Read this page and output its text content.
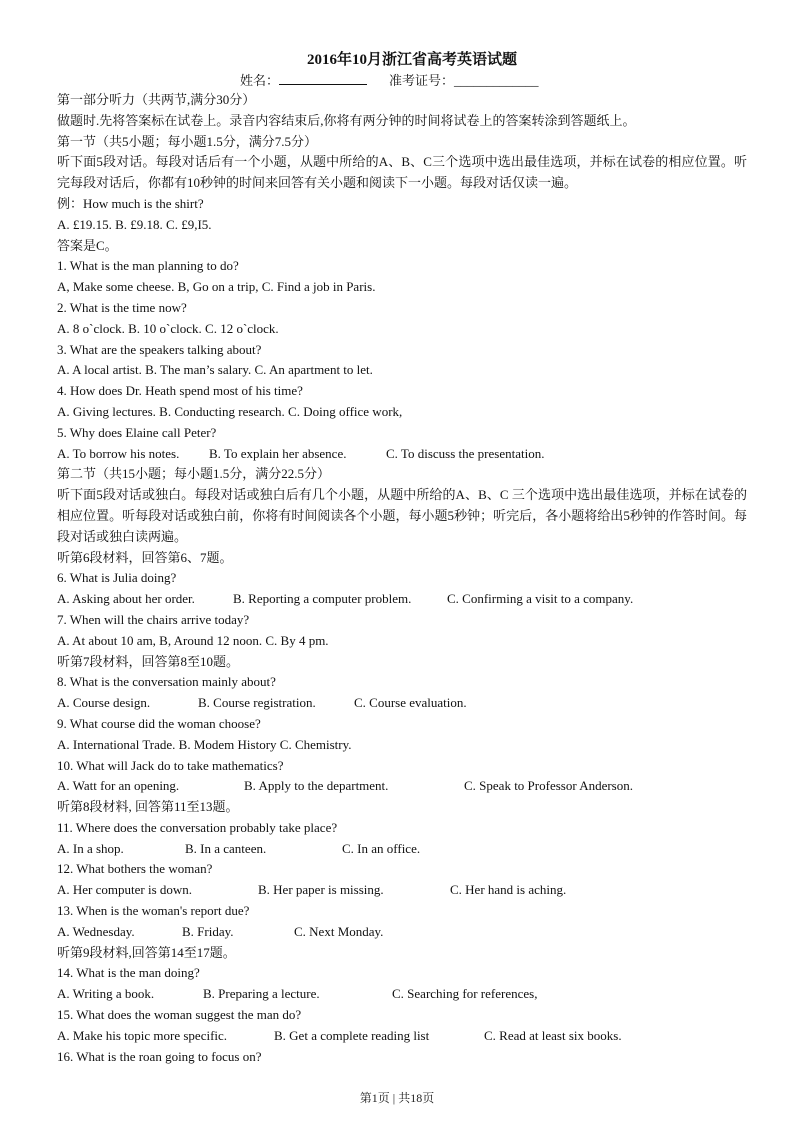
2016年10月浙江省高考英语试题
姓名：	准考证号：_____________
第一部分听力（共两节,满分30分）
做题时.先将答案标在试卷上。录音内容结束后,你将有两分钟的时间将试卷上的答案转涂到答题纸上。
第一节（共5小题；每小题1.5分，满分7.5分）
听下面5段对话。每段对话后有一个小题，从题中所给的A、B、C三个选项中选出最佳选项，并标在试卷的相应位置。听完每段对话后，你都有10秒钟的时间来回答有关小题和阅读下一小题。每段对话仅读一遍。
例：How much is the shirt?
A. £19.15. B. £9.18. C. £9,I5.
答案是C。
1. What is the man planning to do?
A, Make some cheese. B, Go on a trip, C. Find a job in Paris.
2. What is the time now?
A. 8 o`clock. B. 10 o`clock. C. 12 o`clock.
3. What are the speakers talking about?
A. A local artist. B. The man’s salary. C. An apartment to let.
4. How does Dr. Heath spend most of his time?
A. Giving lectures. B. Conducting research. C. Doing office work,
5. Why does Elaine call Peter?
A. To borrow his notes. B. To explain her absence.	C. To discuss the presentation.
第二节（共15小题；每小题1.5分，满分22.5分）
听下面5段对话或独白。每段对话或独白后有几个小题，从题中所给的A、B、C 三个选项中选出最佳选项，并标在试卷的相应位置。听每段对话或独白前，你将有时间阅读各个小题，每小题5秒钟；听完后，各小题将给出5秒钟的作答时间。每段对话或独白读两遍。
听第6段材料，回答第6、7题。
6. What is Julia doing?
A. Asking about her order.	B. Reporting a computer problem.	C. Confirming a visit to a company.
7. When will the chairs arrive today?
A. At about 10 am, B, Around 12 noon. C. By 4 pm.
听第7段材料，回答第8至10题。
8. What is the conversation mainly about?
A. Course design.	B. Course registration.	C. Course evaluation.
9. What course did the woman choose?
A. International Trade. B. Modem History C. Chemistry.
10. What will Jack do to take mathematics?
A. Watt for an opening.	B. Apply to the department.	C. Speak to Professor Anderson.
听第8段材料, 回答第11至13题。
11. Where does the conversation probably take place?
A. In a shop.	B. In a canteen.	C. In an office.
12. What bothers the woman?
A. Her computer is down.	B. Her paper is missing.	C. Her hand is aching.
13. When is the woman's report due?
A. Wednesday.	B. Friday.	C. Next Monday.
听第9段材料,回答第14至17题。
14. What is the man doing?
A. Writing a book.	B. Preparing a lecture.	C. Searching for references,
15. What does the woman suggest the man do?
A. Make his topic more specific.	B. Get a complete reading list	C. Read at least six books.
16. What is the roan going to focus on?
第1页 | 共18页
